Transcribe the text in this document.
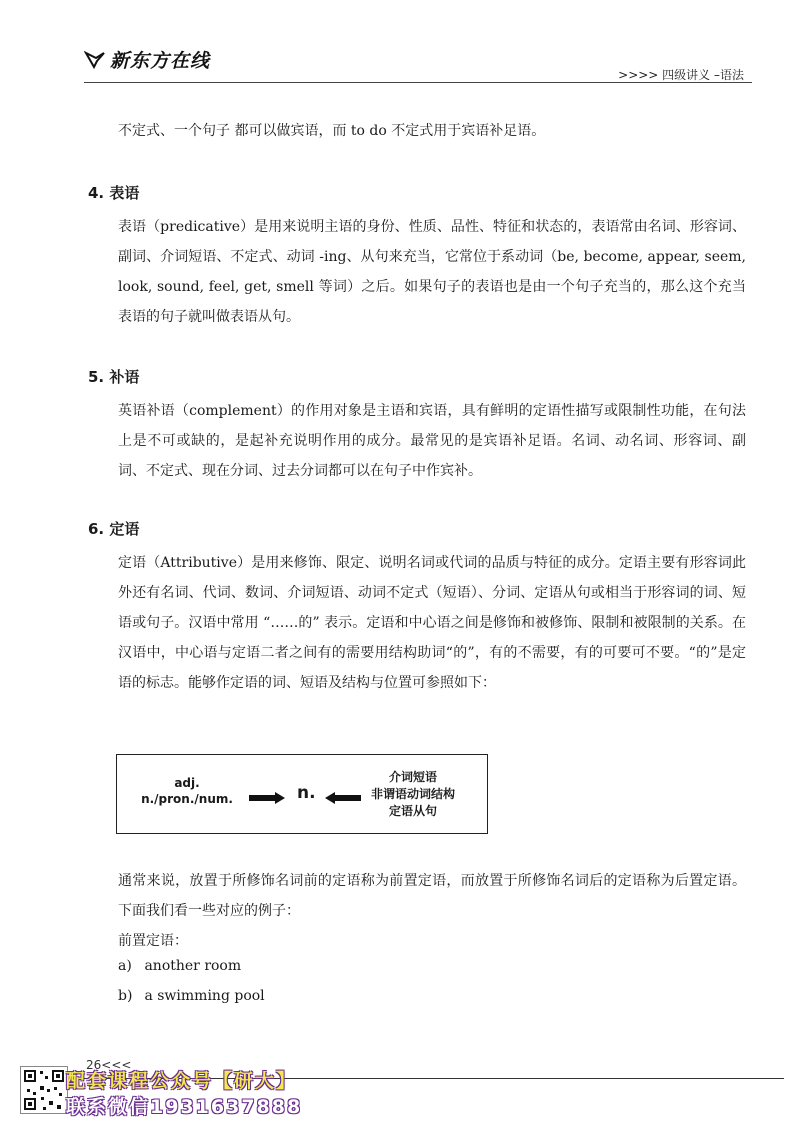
新东方在线
>>>> 四级讲义 –语法

不定式、一个句子 都可以做宾语，而 to do 不定式用于宾语补足语。

4. 表语

表语（predicative）是用来说明主语的身份、性质、品性、特征和状态的，表语常由名词、形容词、副词、介词短语、不定式、动词 -ing、从句来充当，它常位于系动词（be, become, appear, seem, look, sound, feel, get, smell 等词）之后。如果句子的表语也是由一个句子充当的，那么这个充当表语的句子就叫做表语从句。

5. 补语

英语补语（complement）的作用对象是主语和宾语，具有鲜明的定语性描写或限制性功能，在句法上是不可或缺的，是起补充说明作用的成分。最常见的是宾语补足语。名词、动名词、形容词、副词、不定式、现在分词、过去分词都可以在句子中作宾补。

6. 定语

定语（Attributive）是用来修饰、限定、说明名词或代词的品质与特征的成分。定语主要有形容词此外还有名词、代词、数词、介词短语、动词不定式（短语）、分词、定语从句或相当于形容词的词、短语或句子。汉语中常用 “……的” 表示。定语和中心语之间是修饰和被修饰、限制和被限制的关系。在汉语中，中心语与定语二者之间有的需要用结构助词“的”，有的不需要，有的可要可不要。“的”是定语的标志。能够作定语的词、短语及结构与位置可参照如下：

adj.
n./pron./num.	n.
介词短语
非谓语动词结构
定语从句

通常来说，放置于所修饰名词前的定语称为前置定语，而放置于所修饰名词后的定语称为后置定语。下面我们看一些对应的例子：

前置定语：

a) another room
b) a swimming pool
26<<<
配套课程公众号【研大】
联系微信1931637888
